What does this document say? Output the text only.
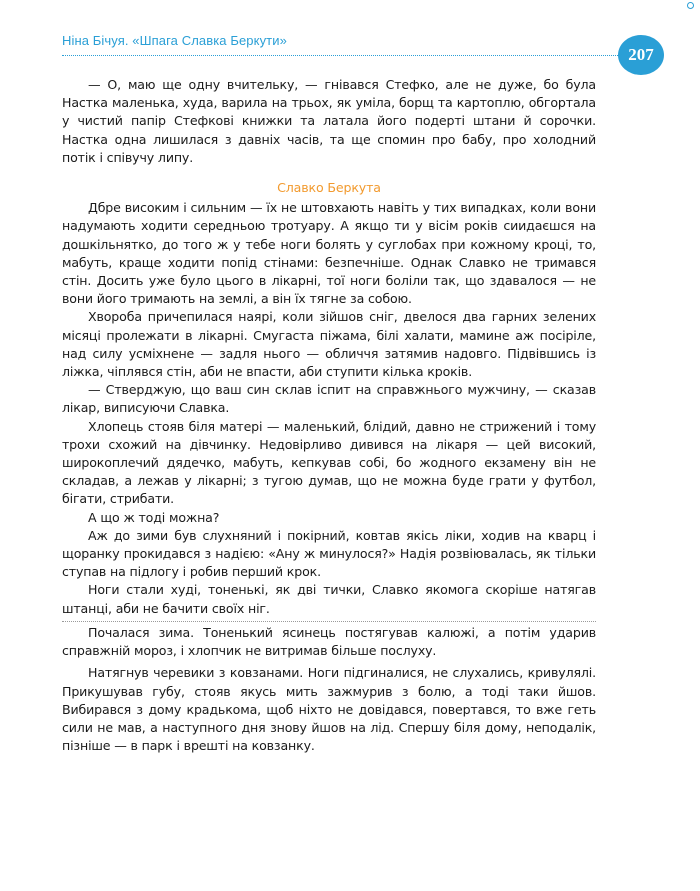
Ніна Бічуя. «Шпага Славка Беркути»
207

— О, маю ще одну вчительку, — гнівався Стефко, але не дуже, бо була Настка маленька, худа, варила на трьох, як уміла, борщ та картоплю, обгортала у чистий папір Стефкові книжки та латала його подерті штани й сорочки. Настка одна лишилася з давніх часів, та ще спомин про бабу, про холодний потік і співучу липу.

Славко Беркута

Дбре високим і сильним — їх не штовхають навіть у тих випадках, коли вони надумають ходити середньою тротуару. А якщо ти у вісім років сиидаєшся на дошкільнятко, до того ж у тебе ноги болять у суглобах при кожному кроці, то, мабуть, краще ходити попід стінами: безпечніше. Однак Славко не тримався стін. Досить уже було цього в лікарні, тої ноги боліли так, що здавалося — не вони його тримають на землі, а він їх тягне за собою.

Хвороба причепилася наярі, коли зійшов сніг, двелося два гарних зелених місяці пролежати в лікарні. Смугаста піжама, білі халати, мамине аж посіріле, над силу усміхнене — задля нього — обличчя затямив надовго. Підвівшись із ліжка, чіплявся стін, аби не впасти, аби ступити кілька кроків.

— Стверджую, що ваш син склав іспит на справжнього мужчину, — сказав лікар, виписуючи Славка.

Хлопець стояв біля матері — маленький, блідий, давно не стрижений і тому трохи схожий на дівчинку. Недовірливо дивився на лікаря — цей високий, широкоплечий дядечко, мабуть, кепкував собі, бо жодного екзамену він не складав, а лежав у лікарні; з тугою думав, що не можна буде грати у футбол, бігати, стрибати.

А що ж тоді можна?

Аж до зими був слухняний і покірний, ковтав якісь ліки, ходив на кварц і щоранку прокидався з надією: «Ану ж минулося?» Надія розвіювалась, як тільки ступав на підлогу і робив перший крок.

Ноги стали худі, тоненькі, як дві тички, Славко якомога скоріше натягав штанці, аби не бачити своїх ніг.

Почалася зима. Тоненький ясинець постягував калюжі, а потім ударив справжній мороз, і хлопчик не витримав більше послуху.

Натягнув черевики з ковзанами. Ноги підгиналися, не слухались, кривулялі. Прикушував губу, стояв якусь мить зажмурив з болю, а тоді таки йшов. Вибирався з дому крадькома, щоб ніхто не довідався, повертався, то вже геть сили не мав, а наступного дня знову йшов на лід. Спершу біля дому, неподалік, пізніше — в парк і врешті на ковзанку.
